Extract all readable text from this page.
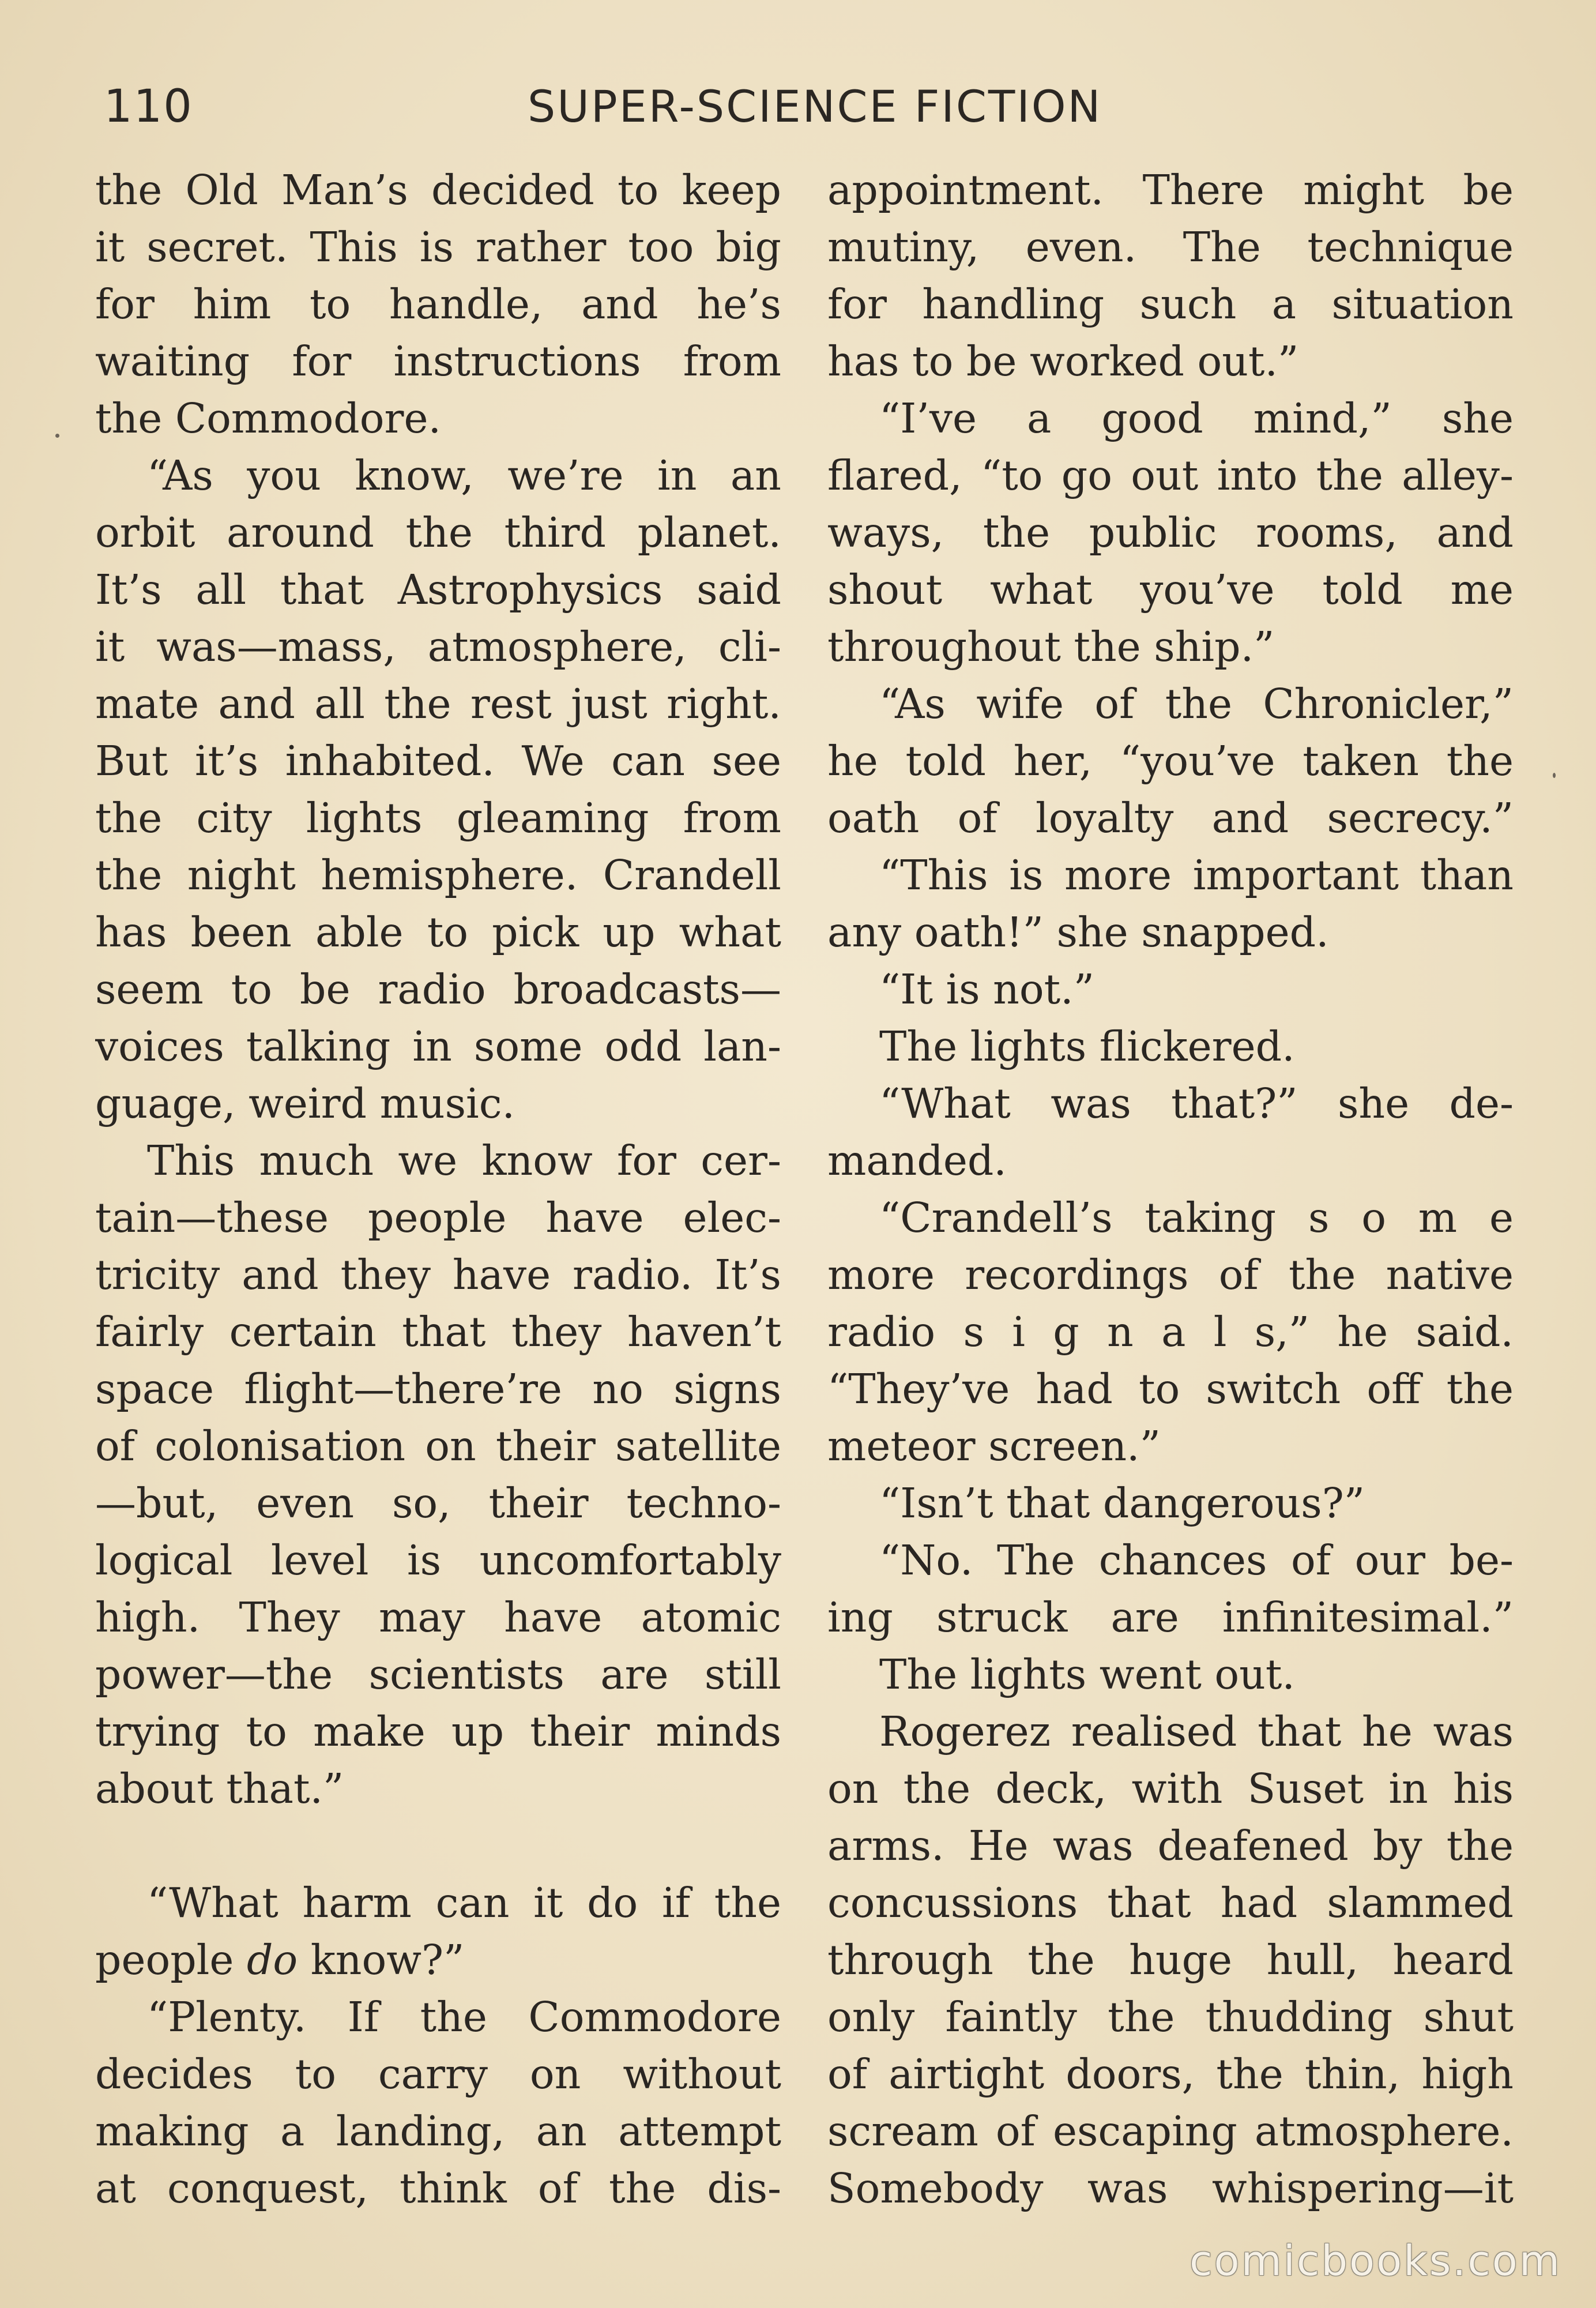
110	SUPER-SCIENCE FICTION
the Old Man’s decided to keep
it secret. This is rather too big
for him to handle, and he’s
waiting for instructions from
the Commodore.
“As you know, we’re in an
orbit around the third planet.
It’s all that Astrophysics said
it was—mass, atmosphere, cli-
mate and all the rest just right.
But it’s inhabited. We can see
the city lights gleaming from
the night hemisphere. Crandell
has been able to pick up what
seem to be radio broadcasts—
voices talking in some odd lan-
guage, weird music.
This much we know for cer-
tain—these people have elec-
tricity and they have radio. It’s
fairly certain that they haven’t
space flight—there’re no signs
of colonisation on their satellite
—but, even so, their techno-
logical level is uncomfortably
high. They may have atomic
power—the scientists are still
trying to make up their minds
about that.”
“What harm can it do if the
people do know?”
“Plenty. If the Commodore
decides to carry on without
making a landing, an attempt
at conquest, think of the dis-
appointment. There might be
mutiny, even. The technique
for handling such a situation
has to be worked out.”
“I’ve a good mind,” she
flared, “to go out into the alley-
ways, the public rooms, and
shout what you’ve told me
throughout the ship.”
“As wife of the Chronicler,”
he told her, “you’ve taken the
oath of loyalty and secrecy.”
“This is more important than
any oath!” she snapped.
“It is not.”
The lights flickered.
“What was that?” she de-
manded.
“Crandell’s taking s o m e
more recordings of the native
radio s i g n a l s,” he said.
“They’ve had to switch off the
meteor screen.”
“Isn’t that dangerous?”
“No. The chances of our be-
ing struck are infinitesimal.”
The lights went out.
Rogerez realised that he was
on the deck, with Suset in his
arms. He was deafened by the
concussions that had slammed
through the huge hull, heard
only faintly the thudding shut
of airtight doors, the thin, high
scream of escaping atmosphere.
Somebody was whispering—it
comicbooks.com
